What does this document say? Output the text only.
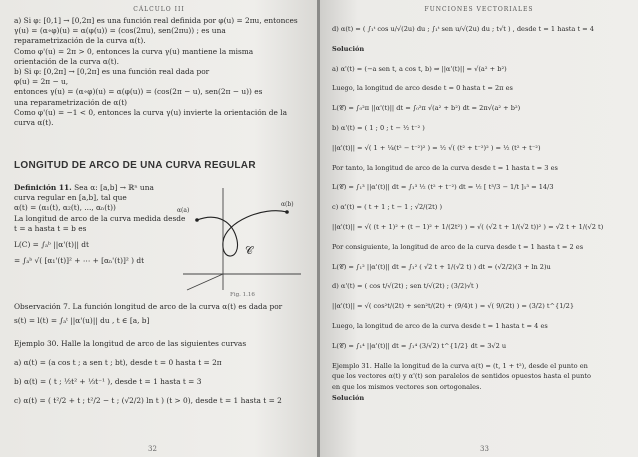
CÁLCULO III
a) Si φ: [0,1] → [0,2π] es una función real definida por φ(u) = 2πu, entonces
γ(u) = (α∘φ)(u) = α(φ(u)) = (cos(2πu), sen(2πu)) ; es una
reparametrización de la curva α(t).
Como φ'(u) = 2π > 0, entonces la curva γ(u) mantiene la misma
orientación de la curva α(t).
b) Si φ: [0,2π] → [0,2π] es una función real dada por
φ(u) = 2π − u,
entonces γ(u) = (α∘φ)(u) = α(φ(u)) = (cos(2π − u), sen(2π − u)) es
una reparametrización de α(t)
Como φ'(u) = −1 < 0, entonces la curva γ(u) invierte la orientación de la
curva α(t).
LONGITUD DE ARCO DE UNA CURVA REGULAR
Definición 11. Sea α: [a,b] → ℝⁿ una
curva regular en [a,b], tal que
α(t) = (α₁(t), α₂(t), ..., αₙ(t))
La longitud de arco de la curva medida desde
t = a hasta t = b es
L(C) = ∫ₐᵇ ||α'(t)|| dt
= ∫ₐᵇ √( [α₁'(t)]² + ⋯ + [αₙ'(t)]² ) dt
α(a)
α(b)
𝒞
Fig. 1.16
Observación 7. La función longitud de arco de la curva α(t) es dada por
s(t) = l(t) = ∫ₐᵗ ||α'(u)|| du , t ∈ [a, b]
Ejemplo 30. Halle la longitud de arco de las siguientes curvas
a) α(t) = (a cos t ; a sen t ; bt), desde t = 0 hasta t = 2π
b) α(t) = ( t ; ½t² + ⅓t⁻¹ ), desde t = 1 hasta t = 3
c) α(t) = ( t²/2 + t ; t²/2 − t ; (√2/2) ln t ) (t > 0), desde t = 1 hasta t = 2
32
FUNCIONES VECTORIALES
d) α(t) = ( ∫₁ᵗ cos u/√(2u) du ; ∫₁ᵗ sen u/√(2u) du ; t√t ) , desde t = 1 hasta t = 4
Solución
a) α'(t) = (−a sen t, a cos t, b) ⇒ ||α'(t)|| = √(a² + b²)
Luego, la longitud de arco desde t = 0 hasta t = 2π es
L(𝒞) = ∫₀²π ||α'(t)|| dt = ∫₀²π √(a² + b²) dt = 2π√(a² + b²)
b) α'(t) = ( 1 ; 0 ; t − ½ t⁻² )
||α'(t)|| = √( 1 + ¼(t² − t⁻²)² ) = ½ √( (t² + t⁻²)² ) = ½ (t² + t⁻²)
Por tanto, la longitud de arco de la curva desde t = 1 hasta t = 3 es
L(𝒞) = ∫₁³ ||α'(t)|| dt = ∫₁³ ½ (t² + t⁻²) dt = ½ [ t³/3 − 1/t ]₁³ = 14/3
c) α'(t) = ( t + 1 ; t − 1 ; √2/(2t) )
||α'(t)|| = √( (t + 1)² + (t − 1)² + 1/(2t²) ) = √( (√2 t + 1/(√2 t))² ) = √2 t + 1/(√2 t)
Por consiguiente, la longitud de arco de la curva desde t = 1 hasta t = 2 es
L(𝒞) = ∫₁² ||α'(t)|| dt = ∫₁² ( √2 t + 1/(√2 t) ) dt = (√2/2)(3 + ln 2)u
d) α'(t) = ( cos t/√(2t) ; sen t/√(2t) ; (3/2)√t )
||α'(t)|| = √( cos²t/(2t) + sen²t/(2t) + (9/4)t ) = √( 9/(2t) ) = (3/2) t^{1/2}
Luego, la longitud de arco de la curva desde t = 1 hasta t = 4 es
L(𝒞) = ∫₁⁴ ||α'(t)|| dt = ∫₁⁴ (3/√2) t^{1/2} dt = 3√2 u
Ejemplo 31. Halle la longitud de la curva α(t) = (t, 1 + t²), desde el punto en
que los vectores α(t) y α'(t) son paralelos de sentidos opuestos hasta el punto
en que los mismos vectores son ortogonales.
Solución
33
